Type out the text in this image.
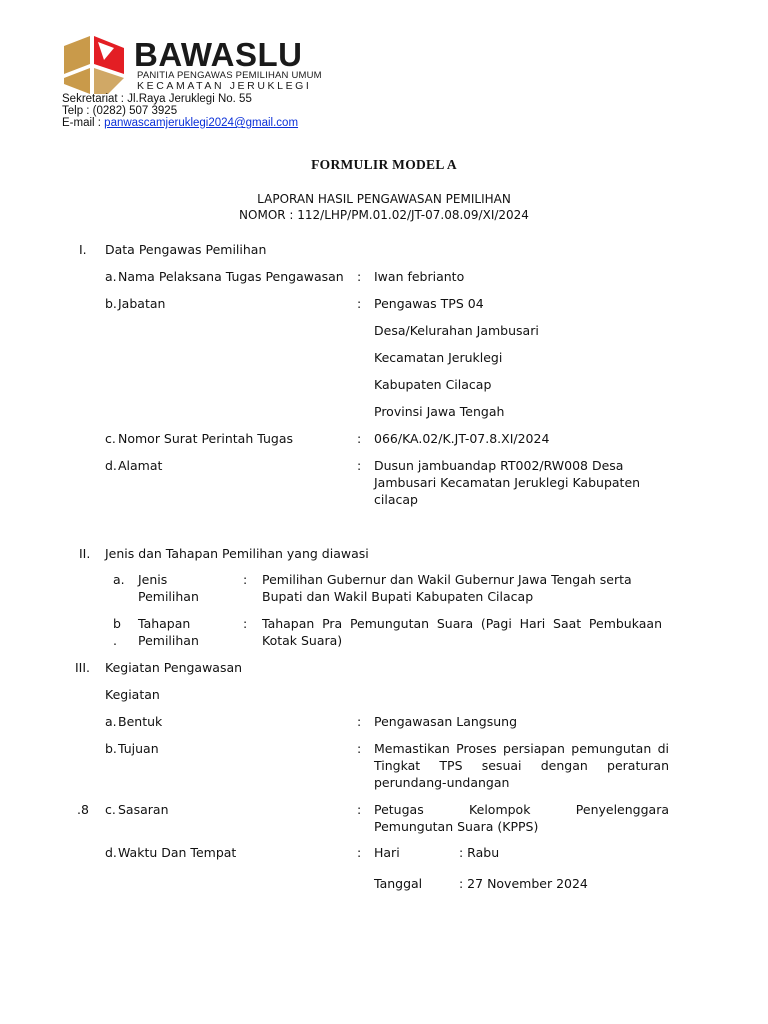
BAWASLU
PANITIA PENGAWAS PEMILIHAN UMUM
KECAMATAN JERUKLEGI
Sekretariat : Jl.Raya Jeruklegi No. 55
Telp : (0282) 507 3925
E-mail : panwascamjeruklegi2024@gmail.com
FORMULIR MODEL A
LAPORAN HASIL PENGAWASAN PEMILIHAN
NOMOR : 112/LHP/PM.01.02/JT-07.08.09/XI/2024
I. Data Pengawas Pemilihan
a. Nama Pelaksana Tugas Pengawasan : Iwan febrianto
b. Jabatan	: Pengawas TPS 04
Desa/Kelurahan Jambusari
Kecamatan Jeruklegi
Kabupaten Cilacap
Provinsi Jawa Tengah
c. Nomor Surat Perintah Tugas	: 066/KA.02/K.JT-07.8.XI/2024
d. Alamat	: Dusun jambuandap RT002/RW008 Desa Jambusari Kecamatan Jeruklegi Kabupaten cilacap
II. Jenis dan Tahapan Pemilihan yang diawasi
a. Jenis
Pemilihan
: Pemilihan Gubernur dan Wakil Gubernur Jawa Tengah serta Bupati dan Wakil Bupati Kabupaten Cilacap
b
.
Tahapan
Pemilihan
: Tahapan Pra Pemungutan Suara (Pagi Hari Saat Pembukaan Kotak Suara)
III. Kegiatan Pengawasan
Kegiatan
a. Bentuk	: Pengawasan Langsung
b. Tujuan	: Memastikan Proses persiapan pemungutan di Tingkat TPS sesuai dengan peraturan perundang-undangan
.8 c. Sasaran	: Petugas Kelompok Penyelenggara Pemungutan Suara (KPPS)
d. Waktu Dan Tempat	: Hari	: Rabu
Tanggal	: 27 November 2024
